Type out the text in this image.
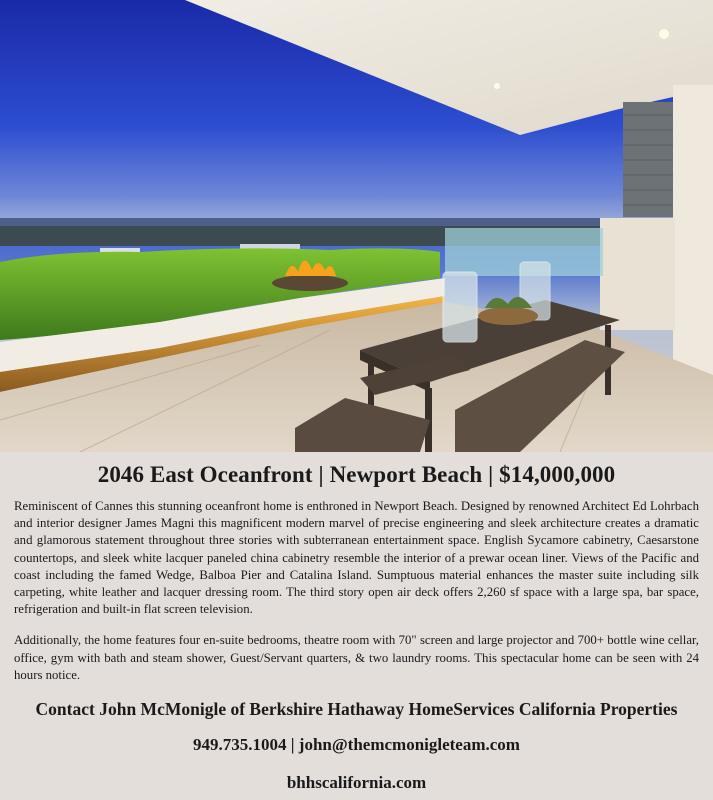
2046 East Oceanfront | Newport Beach | $14,000,000

Reminiscent of Cannes this stunning oceanfront home is enthroned in Newport Beach. Designed by renowned Architect Ed Lohrbach and interior designer James Magni this magnificent modern marvel of precise engineering and sleek architecture creates a dramatic and glamorous statement throughout three stories with subterranean entertainment space. English Sycamore cabinetry, Caesarstone countertops, and sleek white lacquer paneled china cabinetry resemble the interior of a prewar ocean liner. Views of the Pacific and coast including the famed Wedge, Balboa Pier and Catalina Island. Sumptuous material enhances the master suite including silk carpeting, white leather and lacquer dressing room. The third story open air deck offers 2,260 sf space with a large spa, bar space, refrigeration and built-in flat screen television.

Additionally, the home features four en-suite bedrooms, theatre room with 70" screen and large projector and 700+ bottle wine cellar, office, gym with bath and steam shower, Guest/Servant quarters, & two laundry rooms. This spectacular home can be seen with 24 hours notice.

Contact John McMonigle of Berkshire Hathaway HomeServices California Properties
949.735.1004 | john@themcmonigleteam.com
bhhscalifornia.com
